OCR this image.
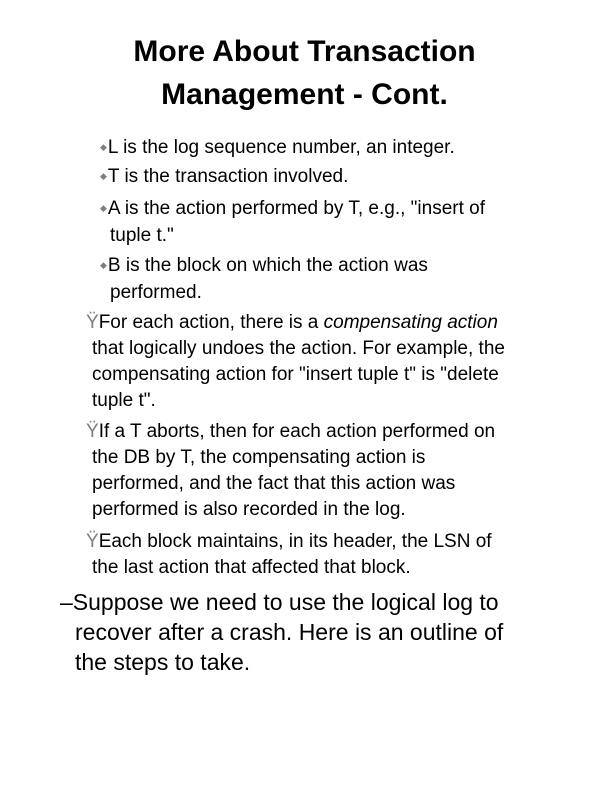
More About Transaction
Management - Cont.
◆L is the log sequence number, an integer.
◆T is the transaction involved.
◆A is the action performed by T, e.g., "insert of
tuple t."
◆B is the block on which the action was
performed.
ŸFor each action, there is a compensating action
that logically undoes the action. For example, the
compensating action for "insert tuple t" is "delete
tuple t".
ŸIf a T aborts, then for each action performed on
the DB by T, the compensating action is
performed, and the fact that this action was
performed is also recorded in the log.
ŸEach block maintains, in its header, the LSN of
the last action that affected that block.
–Suppose we need to use the logical log to
recover after a crash. Here is an outline of
the steps to take.
